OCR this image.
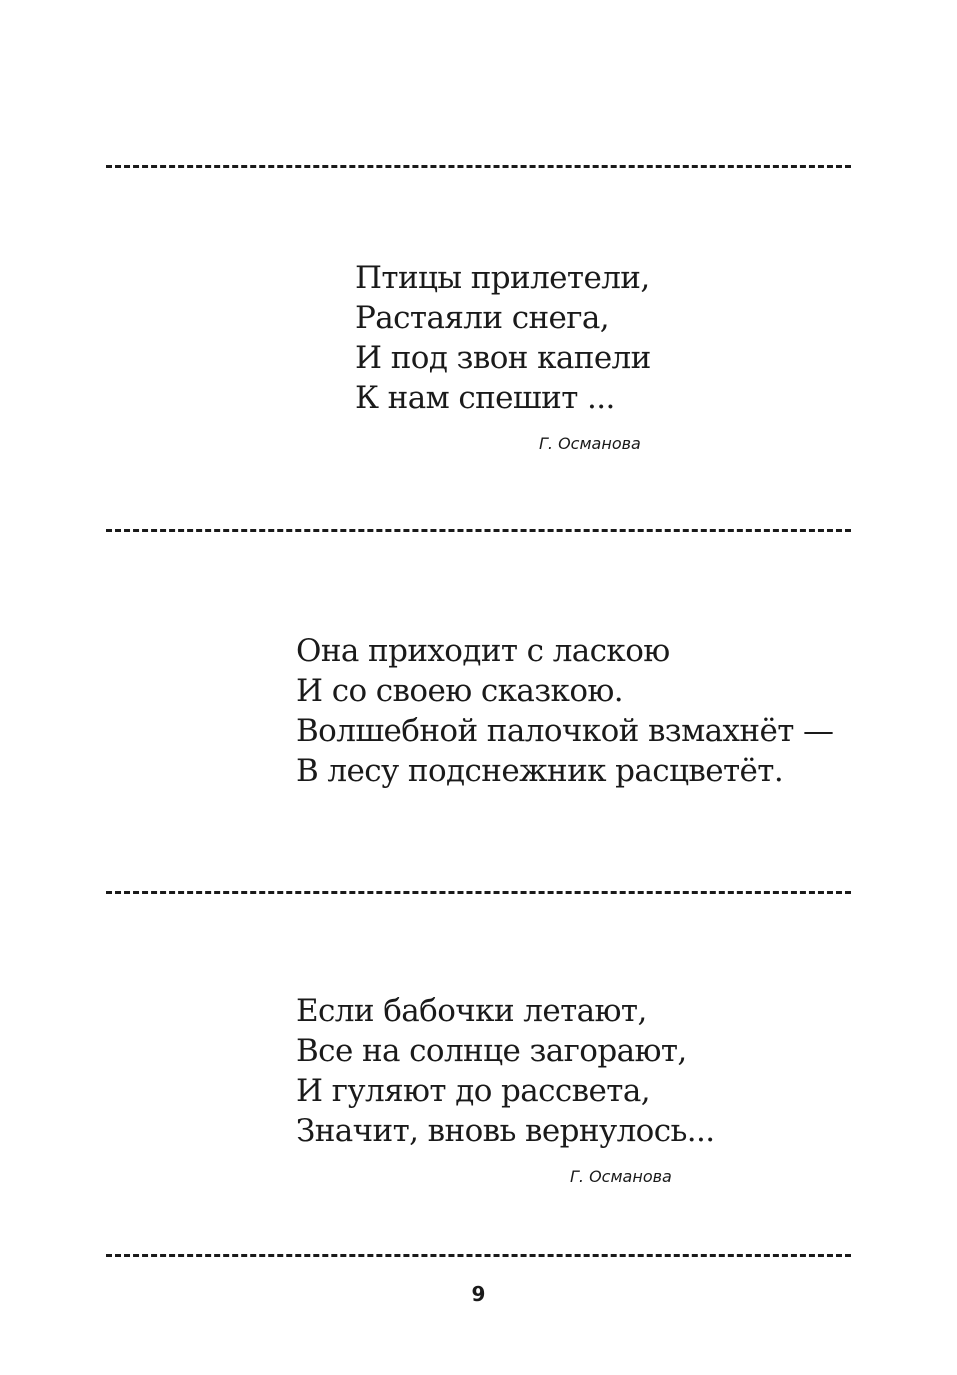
Птицы прилетели,
Растаяли снега,
И под звон капели
К нам спешит ...
Г. Османова
Она приходит с ласкою
И со своею сказкою.
Волшебной палочкой взмахнёт —
В лесу подснежник расцветёт.
Если бабочки летают,
Все на солнце загорают,
И гуляют до рассвета,
Значит, вновь вернулось...
Г. Османова
9
